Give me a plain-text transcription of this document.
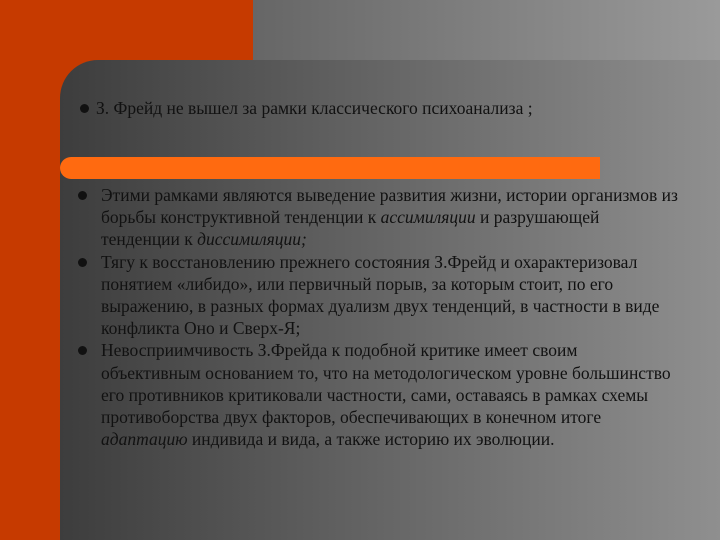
З. Фрейд не вышел за рамки классического психоанализа ;
Этими рамками являются выведение развития жизни, истории организмов из борьбы конструктивной тенденции к ассимиляции и разрушающей тенденции к диссимиляции;
Тягу к восстановлению прежнего состояния З.Фрейд и охарактеризовал понятием «либидо», или первичный порыв, за которым стоит, по его выражению, в разных формах дуализм двух тенденций, в частности в виде конфликта Оно и Сверх-Я;
Невосприимчивость З.Фрейда к подобной критике имеет своим объективным основанием то, что на методологическом уровне большинство его противников критиковали частности, сами, оставаясь в рамках схемы противоборства двух факторов, обеспечивающих в конечном итоге адаптацию индивида и вида, а также историю их эволюции.
